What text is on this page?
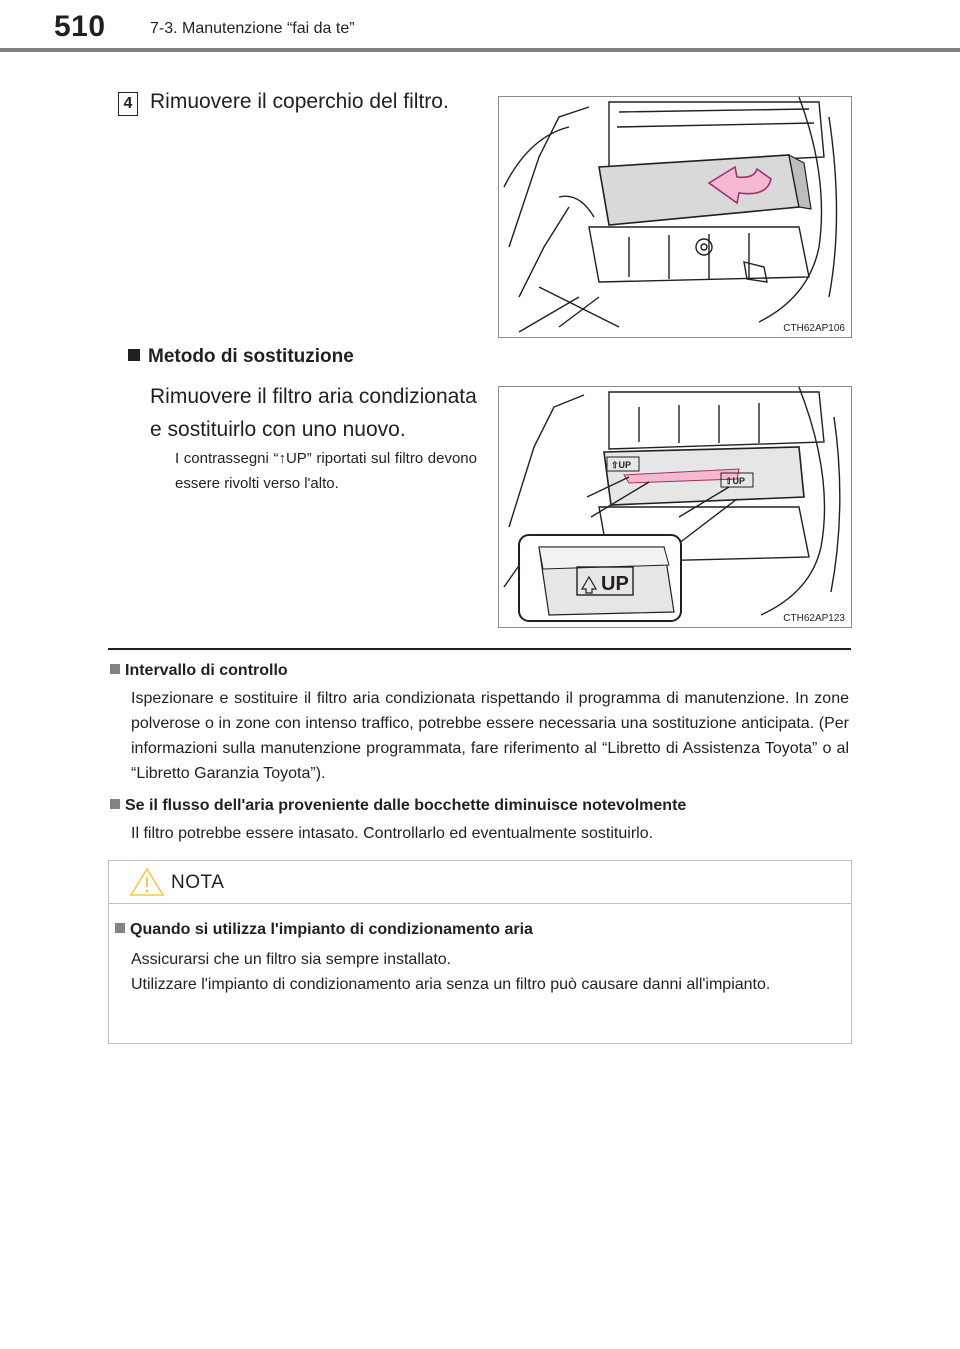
510	7-3. Manutenzione “fai da te”
4 Rimuovere il coperchio del filtro.
CTH62AP106
Metodo di sostituzione
Rimuovere il filtro aria condizionata e sostituirlo con uno nuovo.
I contrassegni “↑UP” riportati sul filtro devono essere rivolti verso l'alto.
⇧UP
⇧UP
UP
CTH62AP123
Intervallo di controllo
Ispezionare e sostituire il filtro aria condizionata rispettando il programma di manutenzione. In zone polverose o in zone con intenso traffico, potrebbe essere necessaria una sostituzione anticipata. (Per informazioni sulla manutenzione programmata, fare riferimento al “Libretto di Assistenza Toyota” o al “Libretto Garanzia Toyota”).
Se il flusso dell'aria proveniente dalle bocchette diminuisce notevolmente
Il filtro potrebbe essere intasato. Controllarlo ed eventualmente sostituirlo.
NOTA
Quando si utilizza l'impianto di condizionamento aria

Assicurarsi che un filtro sia sempre installato.

Utilizzare l'impianto di condizionamento aria senza un filtro può causare danni all'impianto.
